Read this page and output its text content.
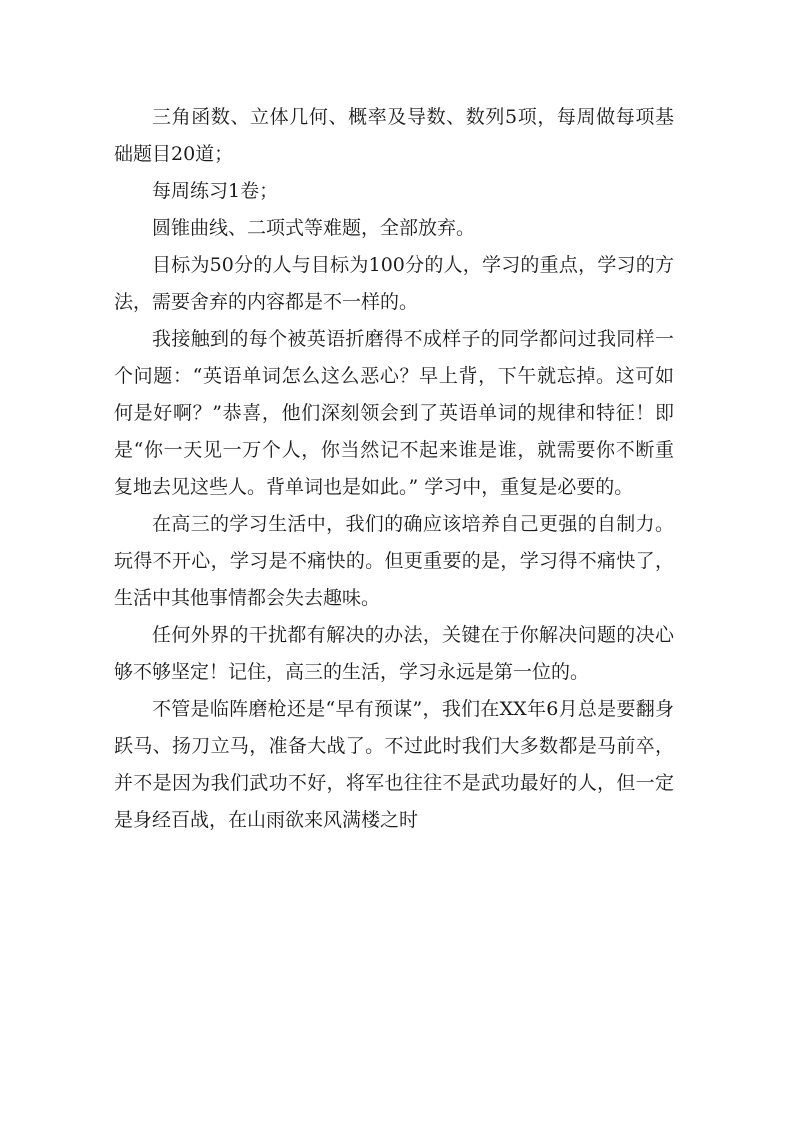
三角函数、立体几何、概率及导数、数列5项，每周做每项基础题目20道；

每周练习1卷；

圆锥曲线、二项式等难题，全部放弃。

目标为50分的人与目标为100分的人，学习的重点，学习的方法，需要舍弃的内容都是不一样的。

我接触到的每个被英语折磨得不成样子的同学都问过我同样一个问题：“英语单词怎么这么恶心？早上背，下午就忘掉。这可如何是好啊？”恭喜，他们深刻领会到了英语单词的规律和特征！即是“你一天见一万个人，你当然记不起来谁是谁，就需要你不断重复地去见这些人。背单词也是如此。” 学习中，重复是必要的。

在高三的学习生活中，我们的确应该培养自己更强的自制力。玩得不开心，学习是不痛快的。但更重要的是，学习得不痛快了，生活中其他事情都会失去趣味。

任何外界的干扰都有解决的办法，关键在于你解决问题的决心够不够坚定！记住，高三的生活，学习永远是第一位的。

不管是临阵磨枪还是“早有预谋”，我们在XX年6月总是要翻身跃马、扬刀立马，准备大战了。不过此时我们大多数都是马前卒，并不是因为我们武功不好，将军也往往不是武功最好的人，但一定是身经百战，在山雨欲来风满楼之时
